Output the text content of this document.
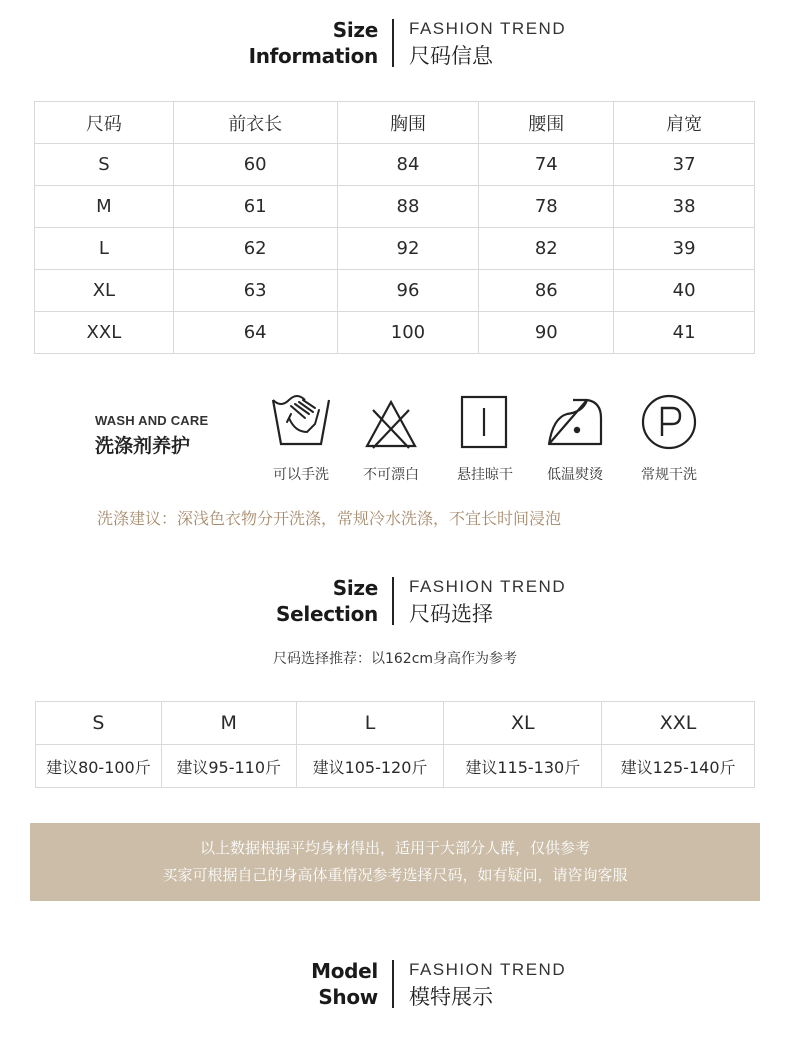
Size
Information
FASHION TREND
尺码信息
尺码	前衣长	胸围	腰围	肩宽
S	60	84	74	37
M	61	88	78	38
L	62	92	82	39
XL	63	96	86	40
XXL	64	100	90	41
WASH AND CARE
洗涤剂养护
可以手洗	不可漂白	悬挂晾干	低温熨烫	常规干洗
洗涤建议：深浅色衣物分开洗涤，常规冷水洗涤，不宜长时间浸泡
Size
Selection
FASHION TREND
尺码选择
尺码选择推荐：以162cm身高作为参考
S	M	L	XL	XXL
建议80-100斤	建议95-110斤	建议105-120斤	建议115-130斤	建议125-140斤
以上数据根据平均身材得出，适用于大部分人群，仅供参考
买家可根据自己的身高体重情况参考选择尺码，如有疑问，请咨询客服
Model
Show
FASHION TREND
模特展示
